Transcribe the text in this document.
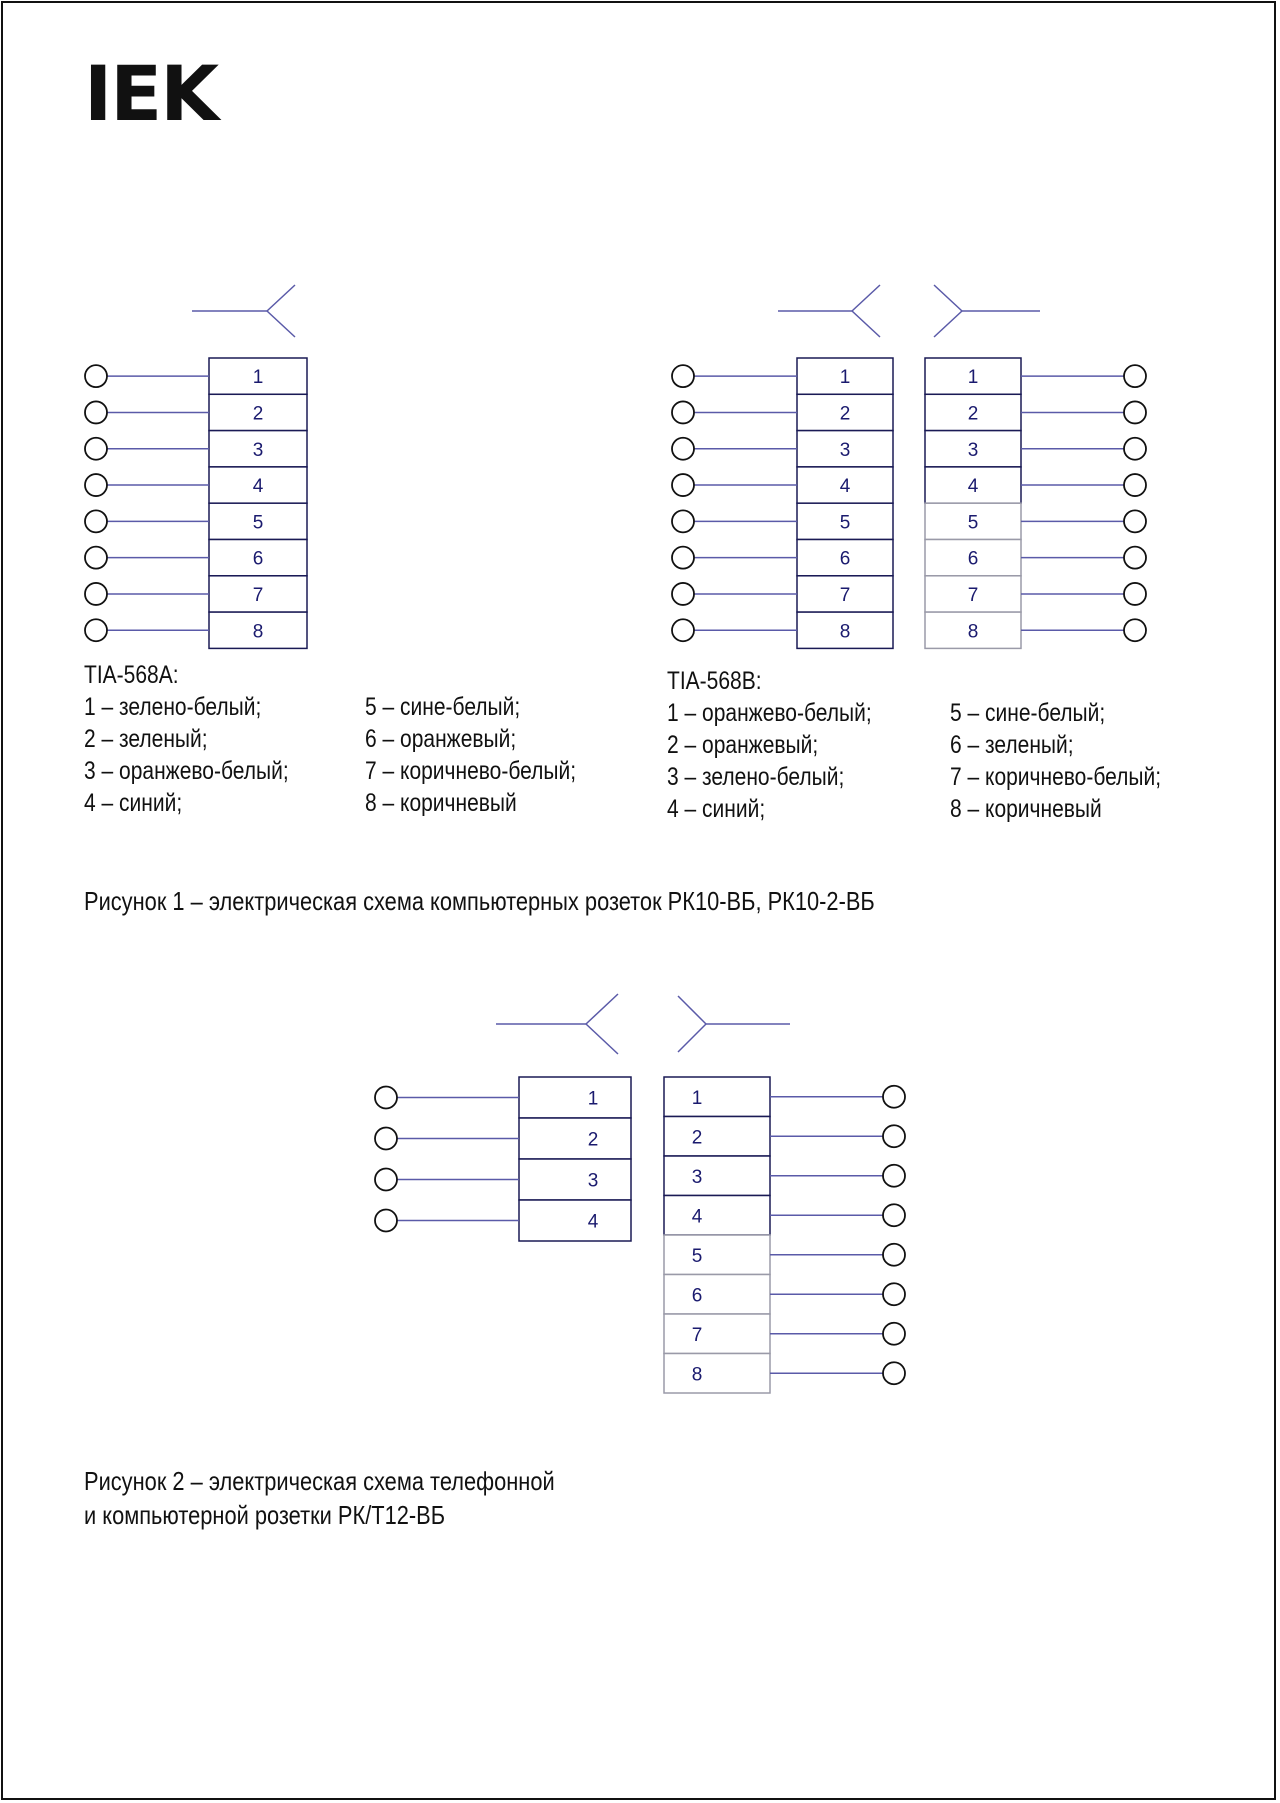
IEK
1
2
3
4
5
6
7
8
1
2
3
4
5
6
7
8
1
2
3
4
5
6
7
8
1
2
3
4
1
2
3
4
5
6
7
8
TIA-568A:
1 – зелено-белый;
2 – зеленый;
3 – оранжево-белый;
4 – синий;
5 – сине-белый;
6 – оранжевый;
7 – коричнево-белый;
8 – коричневый
TIA-568B:
1 – оранжево-белый;
2 – оранжевый;
3 – зелено-белый;
4 – синий;
5 – сине-белый;
6 – зеленый;
7 – коричнево-белый;
8 – коричневый
Рисунок 1 – электрическая схема компьютерных розеток РК10-ВБ, РК10-2-ВБ
Рисунок 2 – электрическая схема телефонной
и компьютерной розетки РК/Т12-ВБ
